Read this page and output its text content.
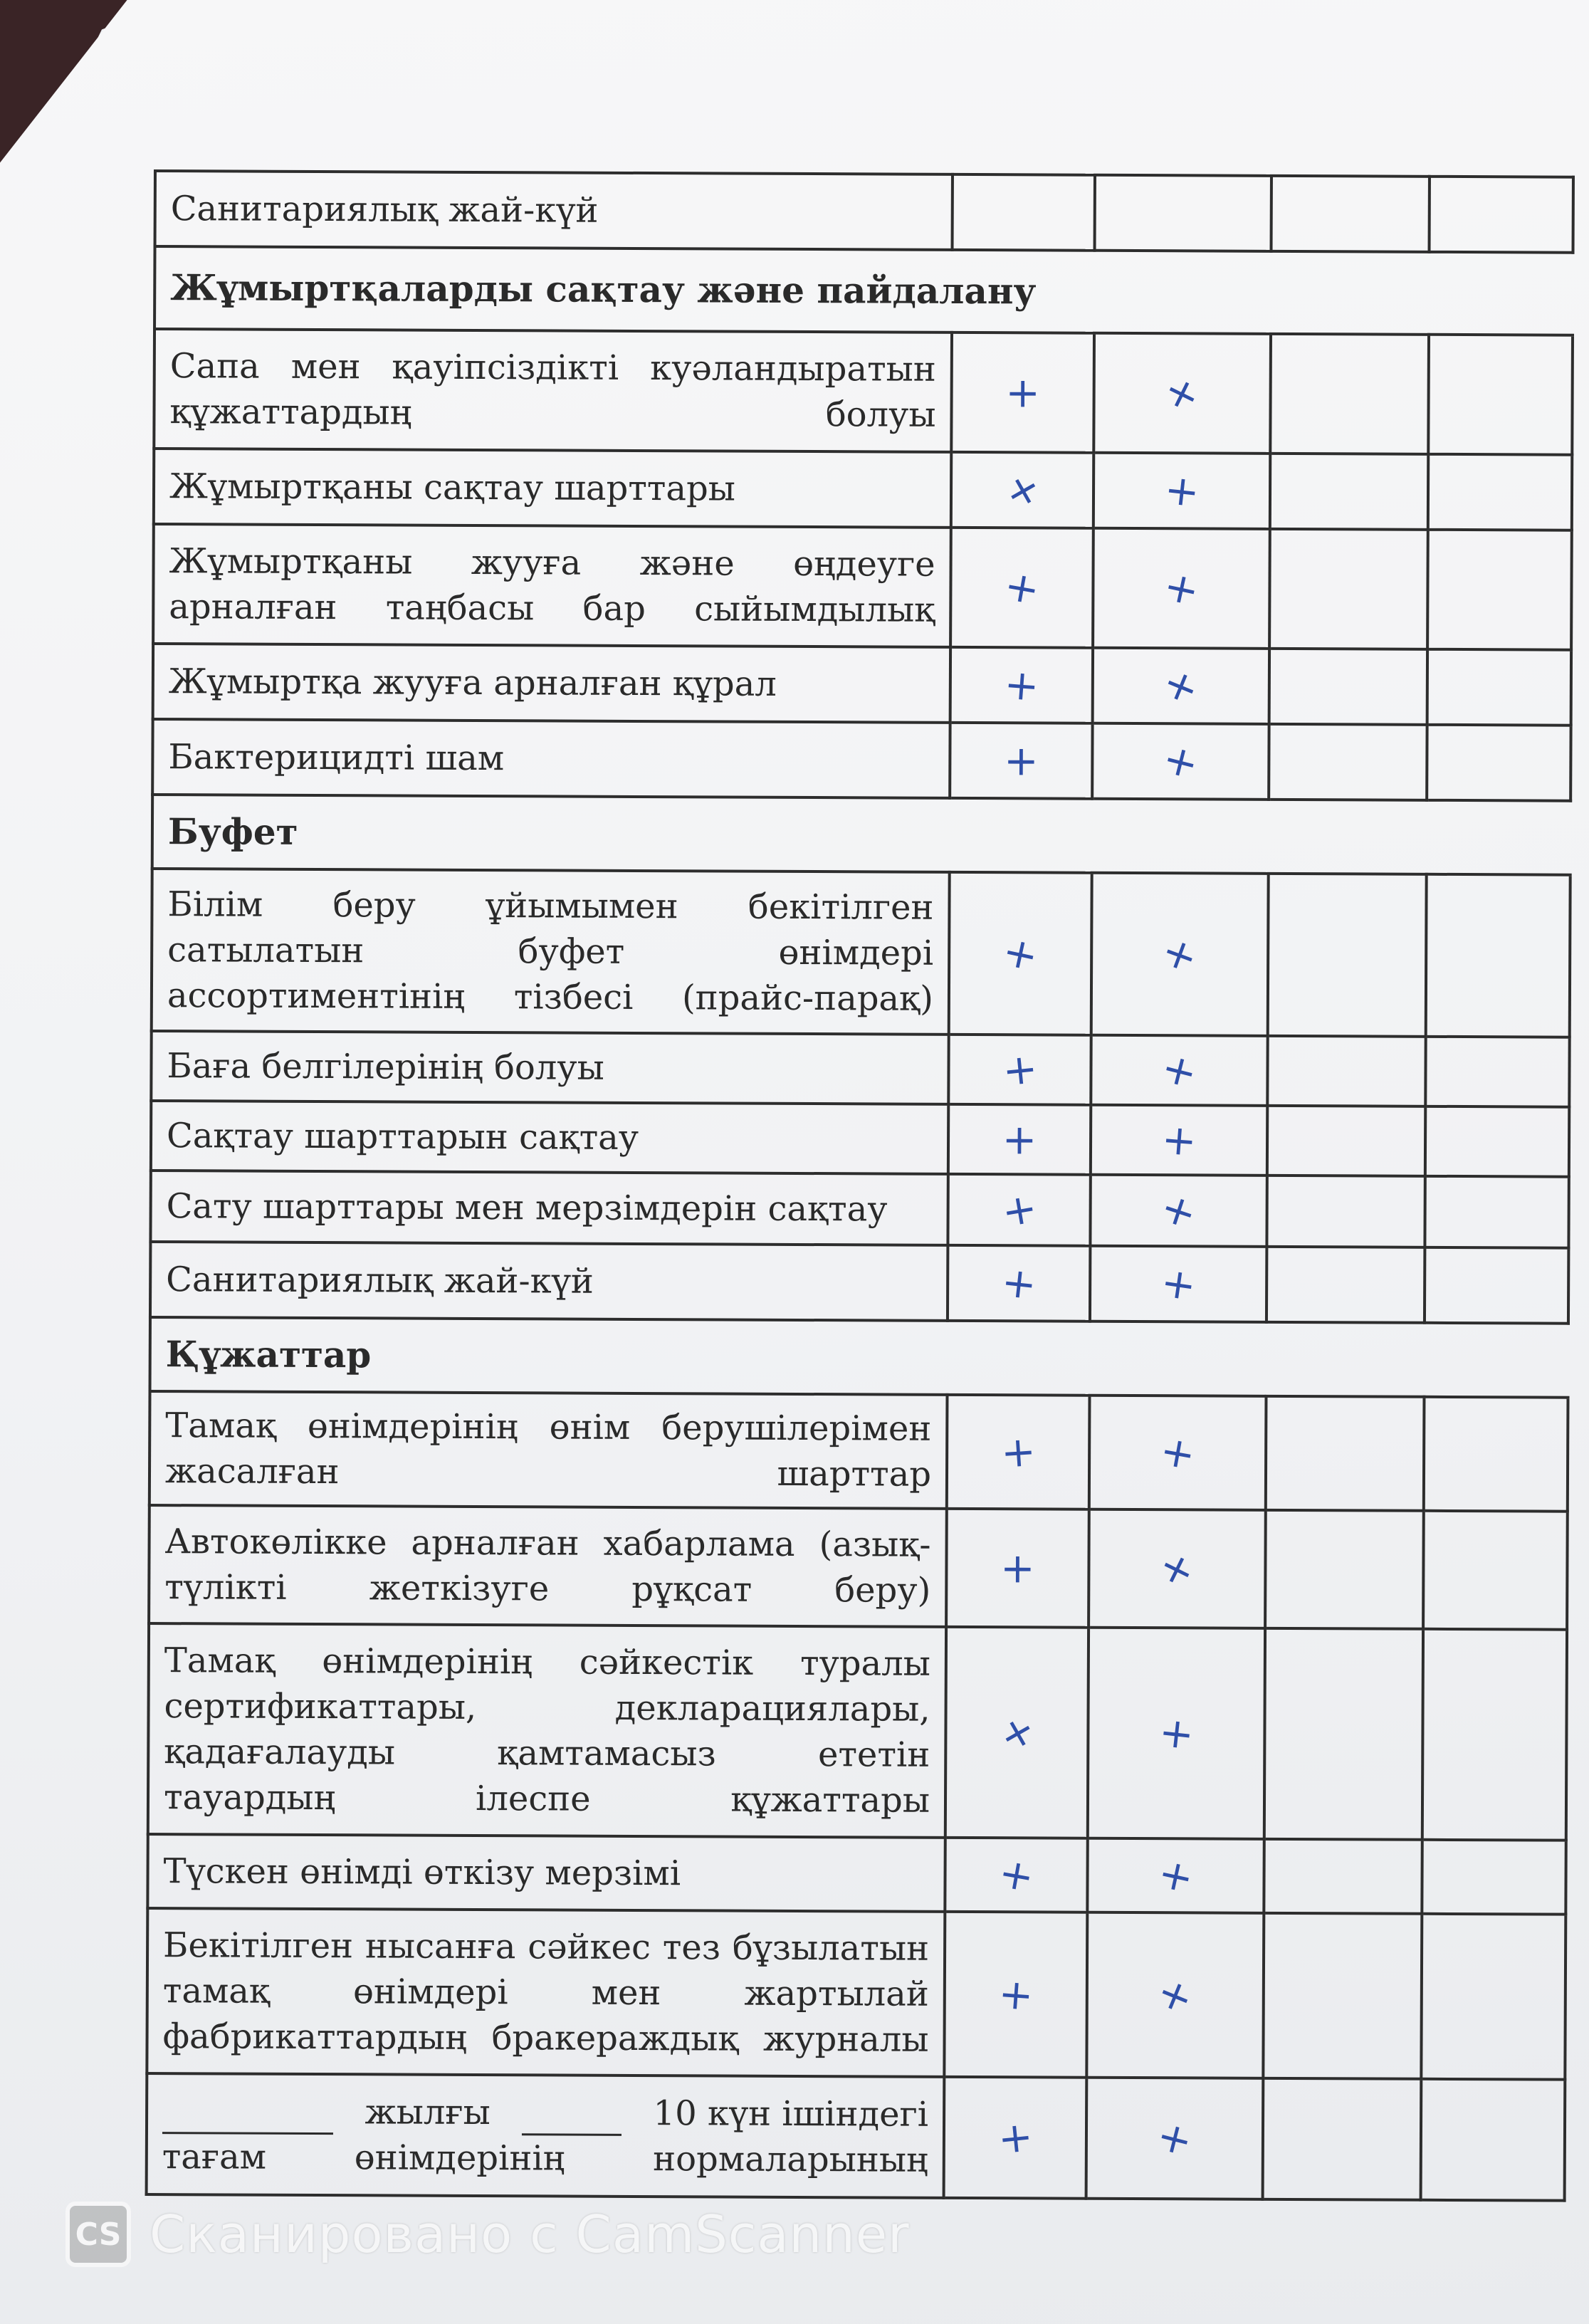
Санитариялық жай-күй				
Жұмыртқаларды сақтау және пайдалану				
Сапа мен қауіпсіздікті куәландыратын құжаттардың болуы	+	+		
Жұмыртқаны сақтау шарттары	+	+		
Жұмыртқаны жууға және өңдеуге арналған таңбасы бар сыйымдылық	+	+		
Жұмыртқа жууға арналған құрал	+	+		
Бактерицидті шам	+	+		
Буфет				
Білім беру ұйымымен бекітілген сатылатын буфет өнімдері ассортиментінің тізбесі (прайс-парақ)	+	+		
Баға белгілерінің болуы	+	+		
Сақтау шарттарын сақтау	+	+		
Сату шарттары мен мерзімдерін сақтау	+	+		
Санитариялық жай-күй	+	+		
Құжаттар				
Тамақ өнімдерінің өнім берушілерімен жасалған шарттар	+	+		
Автокөлікке арналған хабарлама (азық-түлікті жеткізуге рұқсат беру)	+	+		
Тамақ өнімдерінің сәйкестік туралы сертификаттары, декларациялары, қадағалауды қамтамасыз ететін тауардың ілеспе құжаттары	+	+		
Түскен өнімді өткізу мерзімі	+	+		
Бекітілген нысанға сәйкес тез бұзылатын тамақ өнімдері мен жартылай фабрикаттардың бракераждық журналы	+	+		

жылғы 10 күн ішіндегі
тағам өнімдерінің нормаларының	+	+		
CS Сканировано с CamScanner
